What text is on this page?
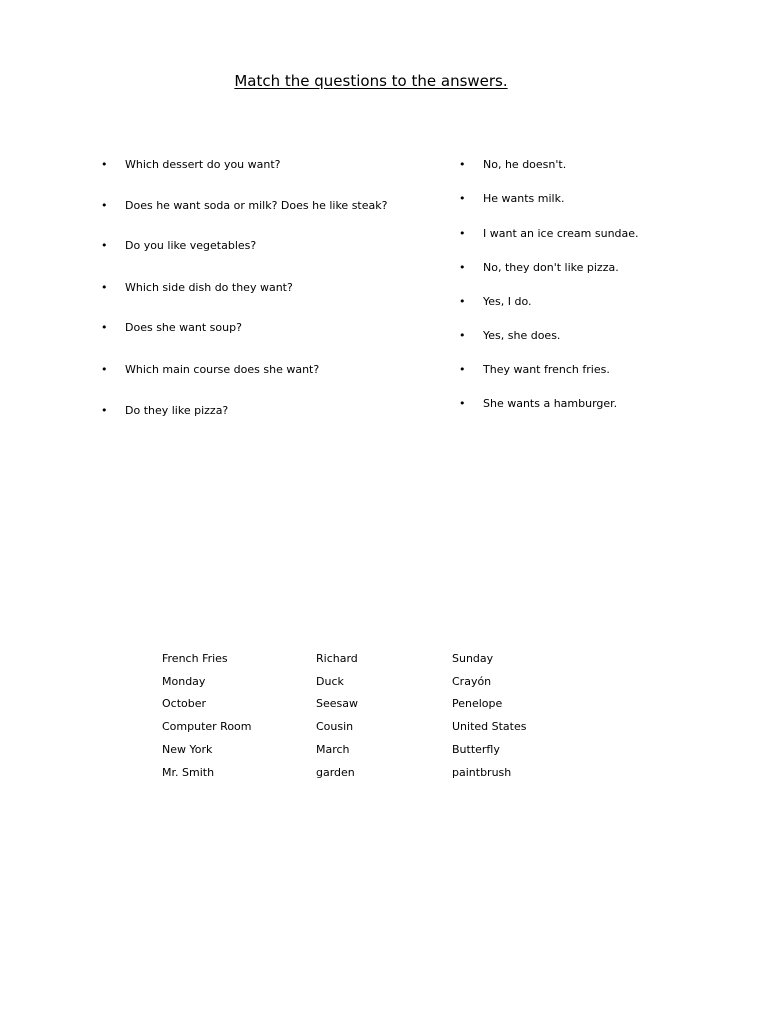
Match the questions to the answers.
• Which dessert do you want?
• Does he want soda or milk? Does he like steak?
• Do you like vegetables?
• Which side dish do they want?
• Does she want soup?
• Which main course does she want?
• Do they like pizza?
• No, he doesn't.
• He wants milk.
• I want an ice cream sundae.
• No, they don't like pizza.
• Yes, I do.
• Yes, she does.
• They want french fries.
• She wants a hamburger.
French Fries	Richard	Sunday
Monday	Duck	Crayón
October	Seesaw	Penelope
Computer Room	Cousin	United States
New York	March	Butterfly
Mr. Smith	garden	paintbrush
